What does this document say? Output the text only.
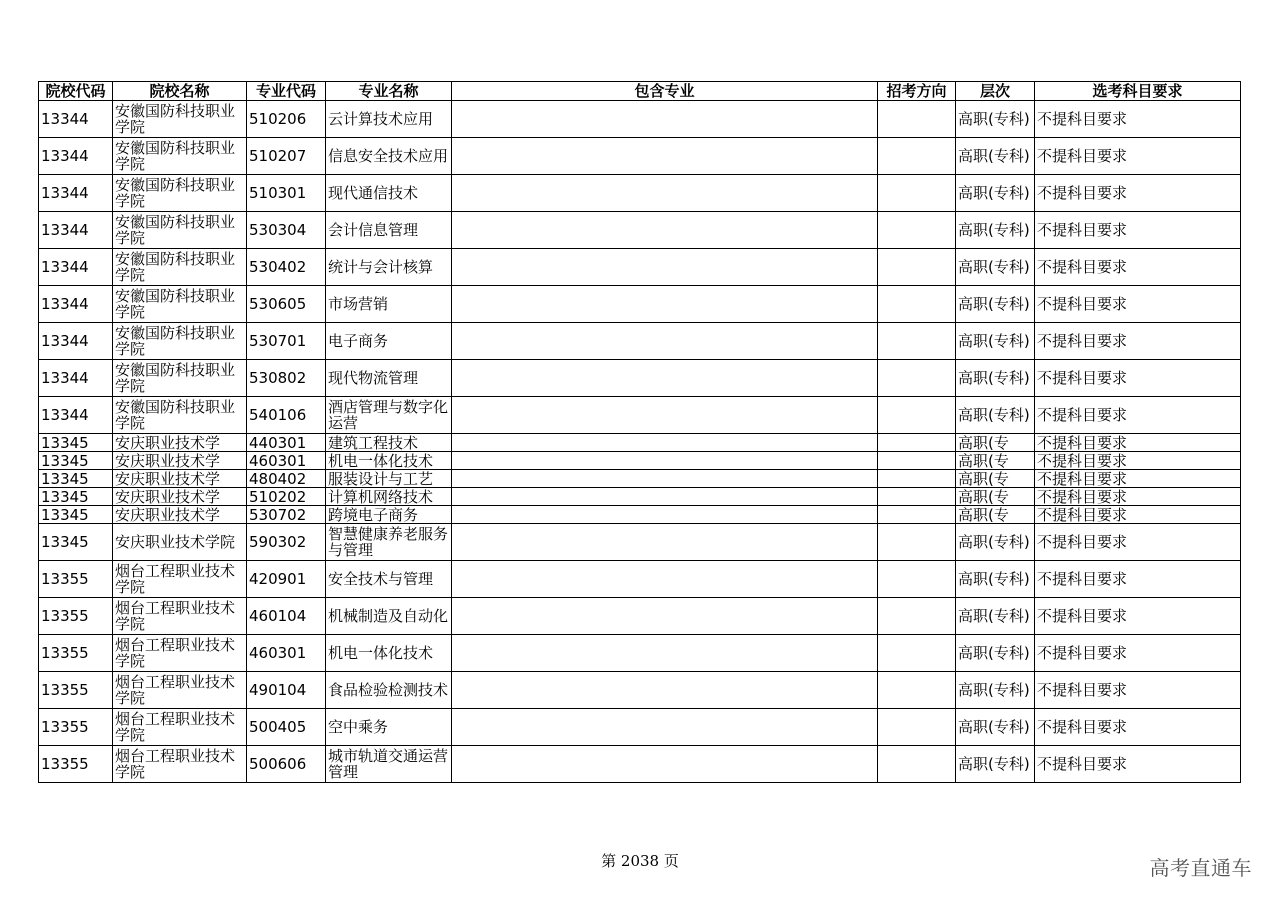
院校代码	院校名称	专业代码	专业名称	包含专业	招考方向	层次	选考科目要求

13344	安徽国防科技职业学院	510206	云计算技术应用			高职(专科)	不提科目要求

13344	安徽国防科技职业学院	510207	信息安全技术应用			高职(专科)	不提科目要求

13344	安徽国防科技职业学院	510301	现代通信技术			高职(专科)	不提科目要求

13344	安徽国防科技职业学院	530304	会计信息管理			高职(专科)	不提科目要求

13344	安徽国防科技职业学院	530402	统计与会计核算			高职(专科)	不提科目要求

13344	安徽国防科技职业学院	530605	市场营销			高职(专科)	不提科目要求

13344	安徽国防科技职业学院	530701	电子商务			高职(专科)	不提科目要求

13344	安徽国防科技职业学院	530802	现代物流管理			高职(专科)	不提科目要求

13344	安徽国防科技职业学院	540106	酒店管理与数字化运营			高职(专科)	不提科目要求

13345	安庆职业技术学	440301	建筑工程技术			高职(专	不提科目要求

13345	安庆职业技术学	460301	机电一体化技术			高职(专	不提科目要求

13345	安庆职业技术学	480402	服装设计与工艺			高职(专	不提科目要求

13345	安庆职业技术学	510202	计算机网络技术			高职(专	不提科目要求

13345	安庆职业技术学	530702	跨境电子商务			高职(专	不提科目要求

13345	安庆职业技术学院	590302	智慧健康养老服务与管理			高职(专科)	不提科目要求

13355	烟台工程职业技术学院	420901	安全技术与管理			高职(专科)	不提科目要求

13355	烟台工程职业技术学院	460104	机械制造及自动化			高职(专科)	不提科目要求

13355	烟台工程职业技术学院	460301	机电一体化技术			高职(专科)	不提科目要求

13355	烟台工程职业技术学院	490104	食品检验检测技术			高职(专科)	不提科目要求

13355	烟台工程职业技术学院	500405	空中乘务			高职(专科)	不提科目要求

13355	烟台工程职业技术学院	500606	城市轨道交通运营管理			高职(专科)	不提科目要求
第 2038 页	高考直通车
